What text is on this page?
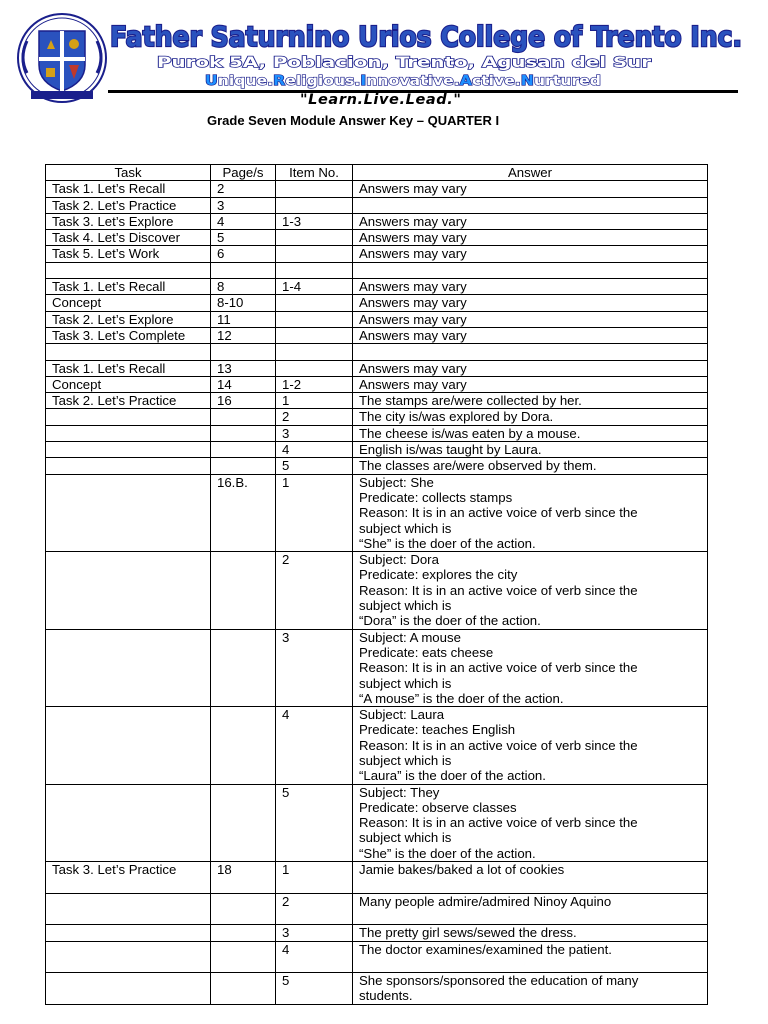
Father Saturnino Urios College of Trento Inc.
Purok 5A, Poblacion, Trento, Agusan del Sur
U nique. R eligious. Innovative. A ctive. N urtured
"Learn.Live.Lead."
Grade Seven Module Answer Key – QUARTER I
Task	Page/s	Item No.	Answer
Task 1. Let’s Recall	2		Answers may vary

Task 2. Let’s Practice	3		
Task 3. Let’s Explore	4	1-3	Answers may vary

Task 4. Let’s Discover	5		Answers may vary

Task 5. Let’s Work	6		Answers may vary

Task 1. Let’s Recall	8	1-4	Answers may vary

Concept	8-10		Answers may vary

Task 2. Let’s Explore	11		Answers may vary

Task 3. Let’s Complete	12		Answers may vary

Task 1. Let’s Recall	13		Answers may vary

Concept	14	1-2	Answers may vary

Task 2. Let’s Practice	16	1	The stamps are/were collected by her.

		2	The city is/was explored by Dora.

		3	The cheese is/was eaten by a mouse.

		4	English is/was taught by Laura.

		5	The classes are/were observed by them.

	16.B.	1	Subject: She
Predicate: collects stamps
Reason: It is in an active voice of verb since the
subject which is
“She” is the doer of the action.

		2	Subject: Dora
Predicate: explores the city
Reason: It is in an active voice of verb since the
subject which is
“Dora” is the doer of the action.

		3	Subject: A mouse
Predicate: eats cheese
Reason: It is in an active voice of verb since the
subject which is
“A mouse” is the doer of the action.

		4	Subject: Laura
Predicate: teaches English
Reason: It is in an active voice of verb since the
subject which is
“Laura” is the doer of the action.

		5	Subject: They
Predicate: observe classes
Reason: It is in an active voice of verb since the
subject which is
“She” is the doer of the action.

Task 3. Let’s Practice	18	1	Jamie bakes/baked a lot of cookies

		2	Many people admire/admired Ninoy Aquino

		3	The pretty girl sews/sewed the dress.

		4	The doctor examines/examined the patient.

		5	She sponsors/sponsored the education of many
students.
